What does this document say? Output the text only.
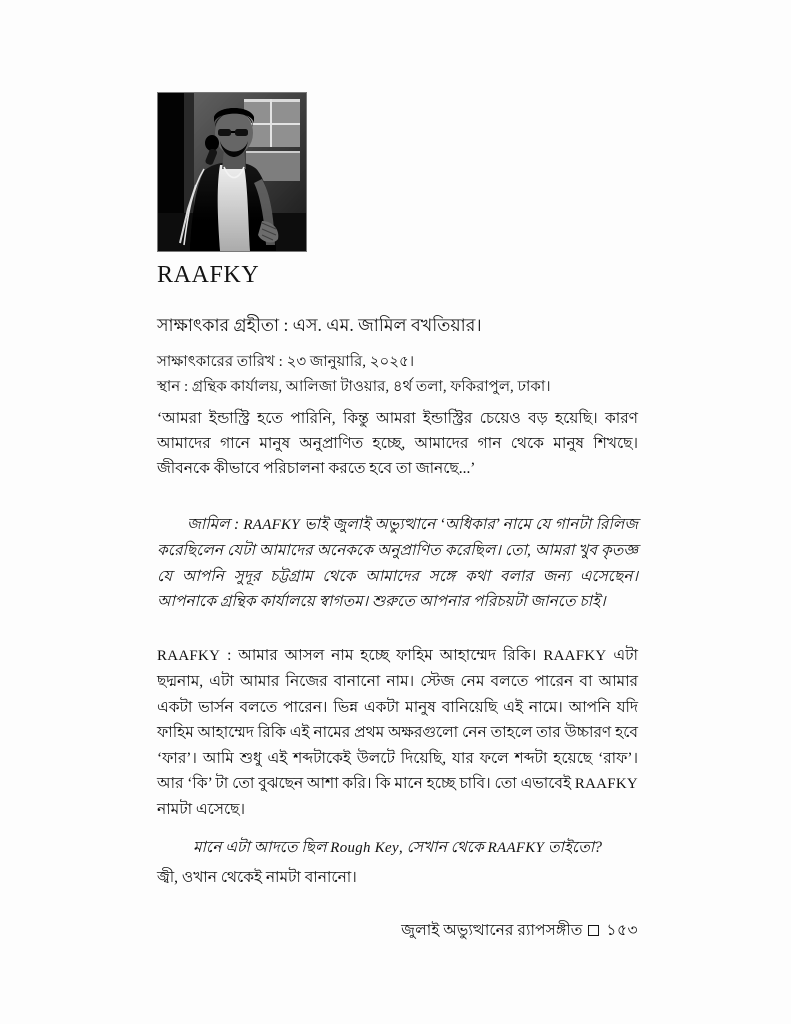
RAAFKY
সাক্ষাৎকার গ্রহীতা : এস. এম. জামিল বখতিয়ার।
সাক্ষাৎকারের তারিখ : ২৩ জানুয়ারি, ২০২৫।
স্থান : গ্রন্থিক কার্যালয়, আলিজা টাওয়ার, ৪র্থ তলা, ফকিরাপুল, ঢাকা।
‘আমরা ইন্ডাস্ট্রি হতে পারিনি, কিন্তু আমরা ইন্ডাস্ট্রির চেয়েও বড় হয়েছি। কারণ আমাদের গানে মানুষ অনুপ্রাণিত হচ্ছে, আমাদের গান থেকে মানুষ শিখছে। জীবনকে কীভাবে পরিচালনা করতে হবে তা জানছে...’

জামিল : RAAFKY ভাই জুলাই অভ্যুত্থানে ‘অধিকার’ নামে যে গানটা রিলিজ করেছিলেন যেটা আমাদের অনেককে অনুপ্রাণিত করেছিল। তো, আমরা খুব কৃতজ্ঞ যে আপনি সুদূর চট্টগ্রাম থেকে আমাদের সঙ্গে কথা বলার জন্য এসেছেন। আপনাকে গ্রন্থিক কার্যালয়ে স্বাগতম। শুরুতে আপনার পরিচয়টা জানতে চাই।

RAAFKY : আমার আসল নাম হচ্ছে ফাহিম আহাম্মেদ রিকি। RAAFKY এটা ছদ্মনাম, এটা আমার নিজের বানানো নাম। স্টেজ নেম বলতে পারেন বা আমার একটা ভার্সন বলতে পারেন। ভিন্ন একটা মানুষ বানিয়েছি এই নামে। আপনি যদি ফাহিম আহাম্মেদ রিকি এই নামের প্রথম অক্ষরগুলো নেন তাহলে তার উচ্চারণ হবে ‘ফার’। আমি শুধু এই শব্দটাকেই উলটে দিয়েছি, যার ফলে শব্দটা হয়েছে ‘রাফ’। আর ‘কি’ টা তো বুঝছেন আশা করি। কি মানে হচ্ছে চাবি। তো এভাবেই RAAFKY নামটা এসেছে।

মানে এটা আদতে ছিল Rough Key, সেখান থেকে RAAFKY তাইতো?

জ্বী, ওখান থেকেই নামটা বানানো।

জুলাই অভ্যুত্থানের র‍্যাপসঙ্গীত ১৫৩
